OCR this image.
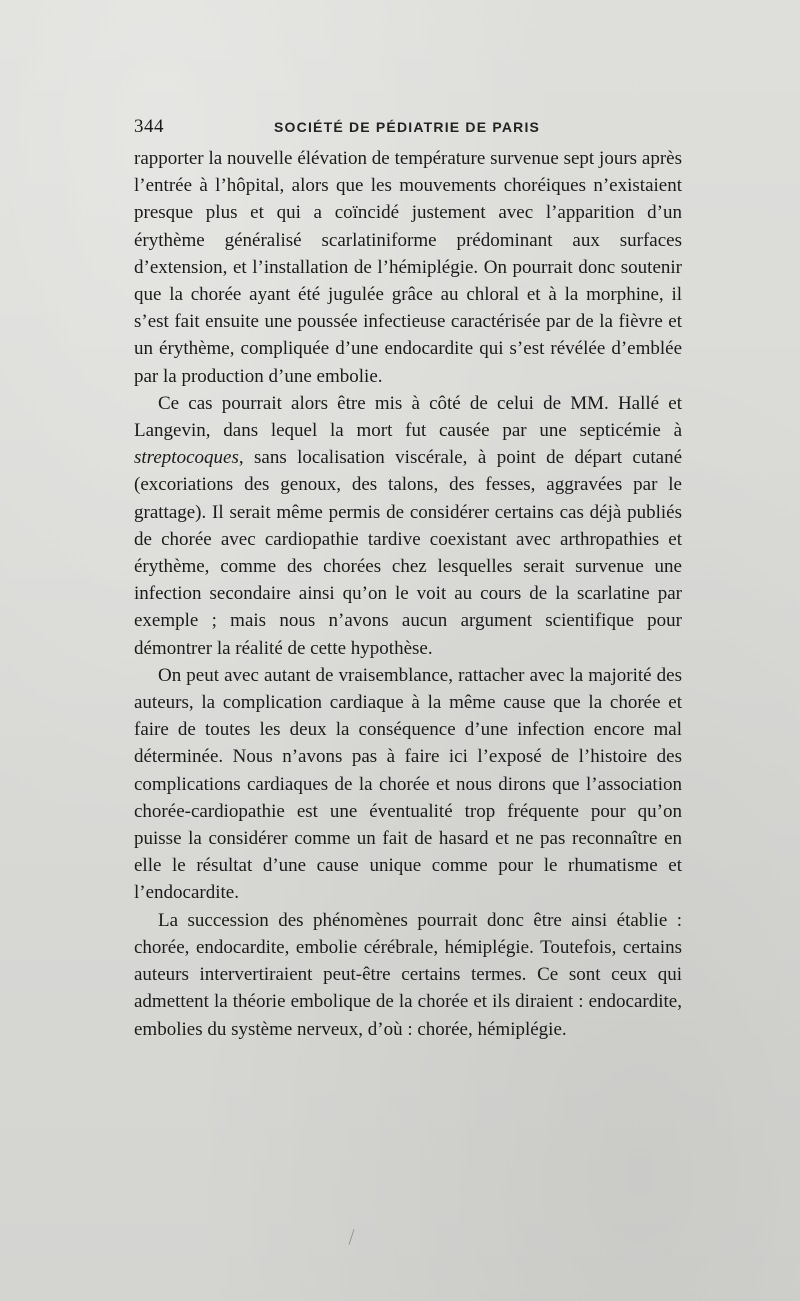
344	SOCIÉTÉ DE PÉDIATRIE DE PARIS

rapporter la nouvelle élévation de température survenue sept jours après l’entrée à l’hôpital, alors que les mouvements choréiques n’existaient presque plus et qui a coïncidé justement avec l’apparition d’un érythème généralisé scarlatiniforme prédominant aux surfaces d’extension, et l’installation de l’hémiplégie. On pourrait donc soutenir que la chorée ayant été jugulée grâce au chloral et à la morphine, il s’est fait ensuite une poussée infectieuse caractérisée par de la fièvre et un érythème, compliquée d’une endocardite qui s’est révélée d’emblée par la production d’une embolie.

Ce cas pourrait alors être mis à côté de celui de MM. Hallé et Langevin, dans lequel la mort fut causée par une septicémie à streptocoques, sans localisation viscérale, à point de départ cutané (excoriations des genoux, des talons, des fesses, aggravées par le grattage). Il serait même permis de considérer certains cas déjà publiés de chorée avec cardiopathie tardive coexistant avec arthropathies et érythème, comme des chorées chez lesquelles serait survenue une infection secondaire ainsi qu’on le voit au cours de la scarlatine par exemple ; mais nous n’avons aucun argument scientifique pour démontrer la réalité de cette hypothèse.

On peut avec autant de vraisemblance, rattacher avec la majorité des auteurs, la complication cardiaque à la même cause que la chorée et faire de toutes les deux la conséquence d’une infection encore mal déterminée. Nous n’avons pas à faire ici l’exposé de l’histoire des complications cardiaques de la chorée et nous dirons que l’association chorée-cardiopathie est une éventualité trop fréquente pour qu’on puisse la considérer comme un fait de hasard et ne pas reconnaître en elle le résultat d’une cause unique comme pour le rhumatisme et l’endocardite.

La succession des phénomènes pourrait donc être ainsi établie : chorée, endocardite, embolie cérébrale, hémiplégie. Toutefois, certains auteurs intervertiraient peut-être certains termes. Ce sont ceux qui admettent la théorie embolique de la chorée et ils diraient : endocardite, embolies du système nerveux, d’où : chorée, hémiplégie.
